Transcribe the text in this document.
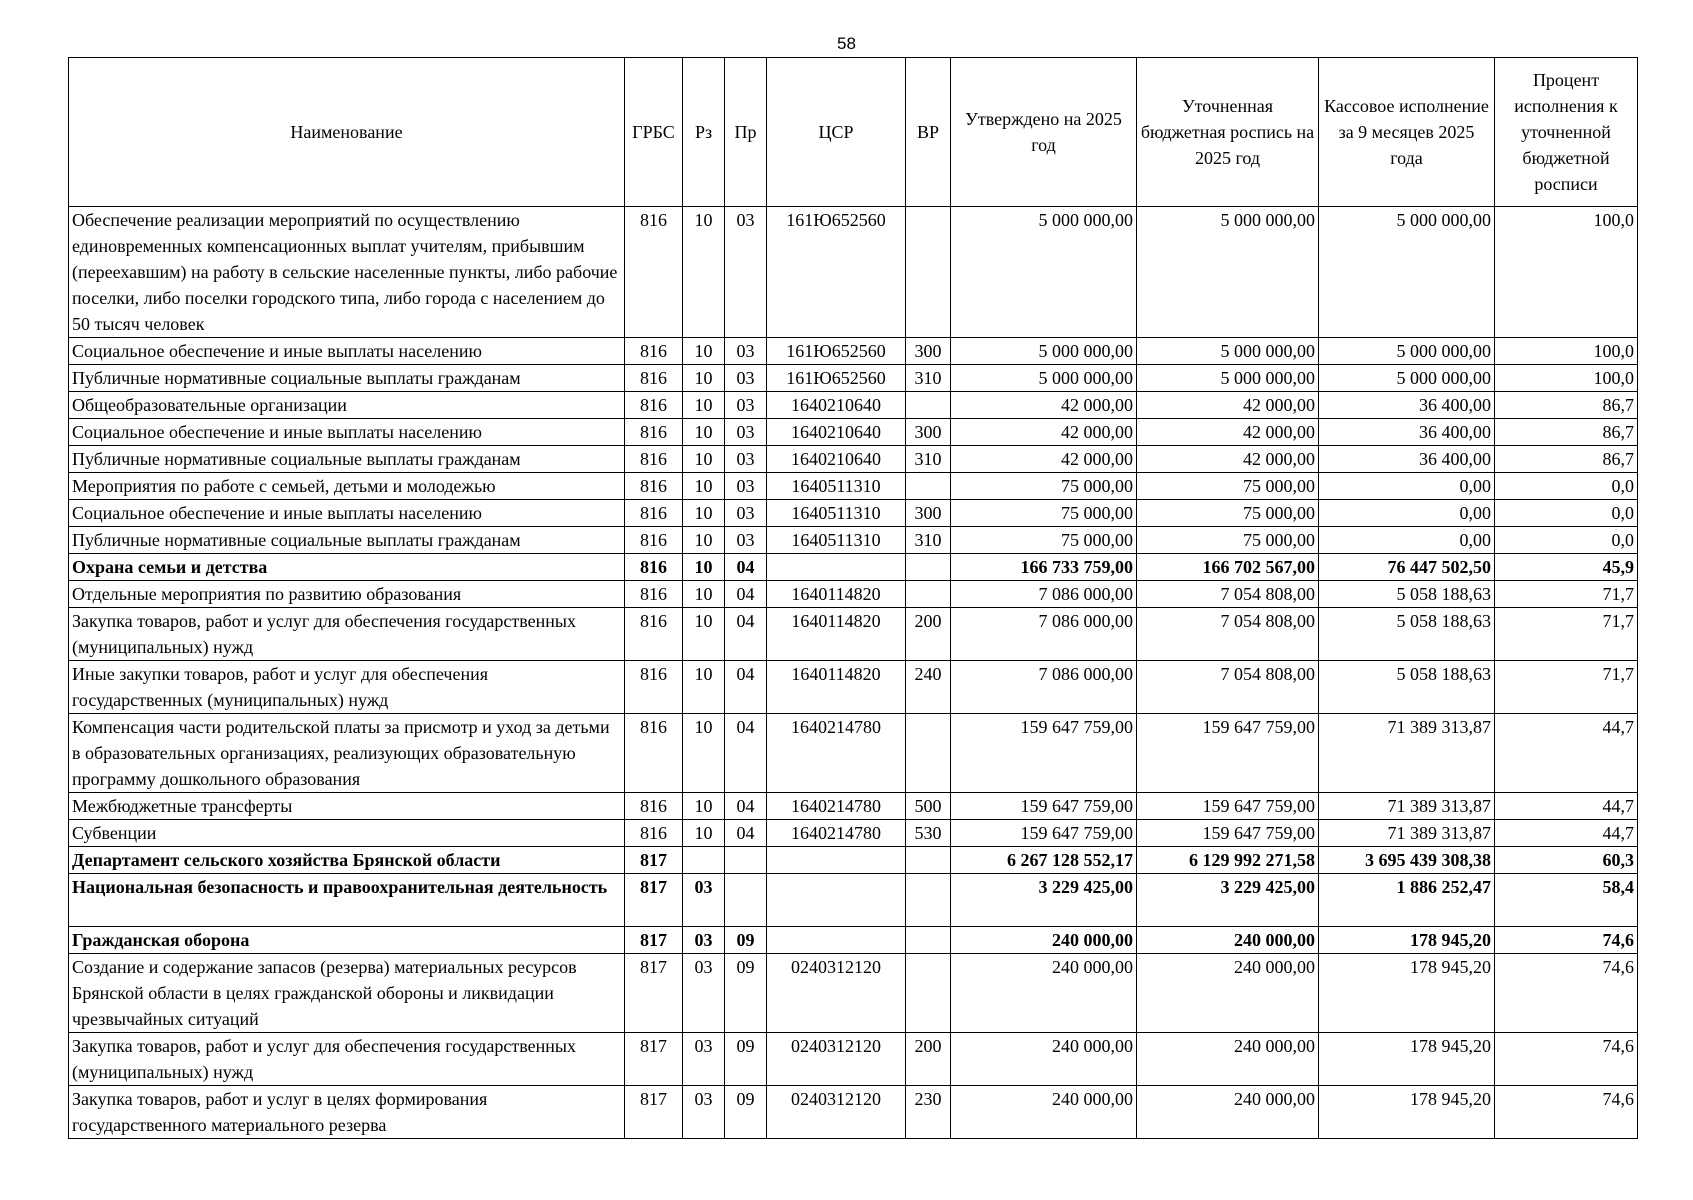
58
Наименование	ГРБС	Рз	Пр	ЦСР	ВР	Утверждено на 2025 год	Уточненная бюджетная роспись на 2025 год	Кассовое исполнение за 9 месяцев 2025 года	Процент исполнения к уточненной бюджетной росписи
Обеспечение реализации мероприятий по осуществлению единовременных компенсационных выплат учителям, прибывшим (переехавшим) на работу в сельские населенные пункты, либо рабочие поселки, либо поселки городского типа, либо города с населением до 50 тысяч человек	816	10	03	161Ю652560		5 000 000,00	5 000 000,00	5 000 000,00	100,0
Социальное обеспечение и иные выплаты населению	816	10	03	161Ю652560	300	5 000 000,00	5 000 000,00	5 000 000,00	100,0
Публичные нормативные социальные выплаты гражданам	816	10	03	161Ю652560	310	5 000 000,00	5 000 000,00	5 000 000,00	100,0
Общеобразовательные организации	816	10	03	1640210640		42 000,00	42 000,00	36 400,00	86,7
Социальное обеспечение и иные выплаты населению	816	10	03	1640210640	300	42 000,00	42 000,00	36 400,00	86,7
Публичные нормативные социальные выплаты гражданам	816	10	03	1640210640	310	42 000,00	42 000,00	36 400,00	86,7
Мероприятия по работе с семьей, детьми и молодежью	816	10	03	1640511310		75 000,00	75 000,00	0,00	0,0
Социальное обеспечение и иные выплаты населению	816	10	03	1640511310	300	75 000,00	75 000,00	0,00	0,0
Публичные нормативные социальные выплаты гражданам	816	10	03	1640511310	310	75 000,00	75 000,00	0,00	0,0
Охрана семьи и детства	816	10	04			166 733 759,00	166 702 567,00	76 447 502,50	45,9
Отдельные мероприятия по развитию образования	816	10	04	1640114820		7 086 000,00	7 054 808,00	5 058 188,63	71,7
Закупка товаров, работ и услуг для обеспечения государственных (муниципальных) нужд	816	10	04	1640114820	200	7 086 000,00	7 054 808,00	5 058 188,63	71,7
Иные закупки товаров, работ и услуг для обеспечения государственных (муниципальных) нужд	816	10	04	1640114820	240	7 086 000,00	7 054 808,00	5 058 188,63	71,7
Компенсация части родительской платы за присмотр и уход за детьми в образовательных организациях, реализующих образовательную программу дошкольного образования	816	10	04	1640214780		159 647 759,00	159 647 759,00	71 389 313,87	44,7
Межбюджетные трансферты	816	10	04	1640214780	500	159 647 759,00	159 647 759,00	71 389 313,87	44,7
Субвенции	816	10	04	1640214780	530	159 647 759,00	159 647 759,00	71 389 313,87	44,7
Департамент сельского хозяйства Брянской области	817					6 267 128 552,17	6 129 992 271,58	3 695 439 308,38	60,3
Национальная безопасность и правоохранительная деятельность	817	03				3 229 425,00	3 229 425,00	1 886 252,47	58,4
Гражданская оборона	817	03	09			240 000,00	240 000,00	178 945,20	74,6
Создание и содержание запасов (резерва) материальных ресурсов Брянской области в целях гражданской обороны и ликвидации чрезвычайных ситуаций	817	03	09	0240312120		240 000,00	240 000,00	178 945,20	74,6
Закупка товаров, работ и услуг для обеспечения государственных (муниципальных) нужд	817	03	09	0240312120	200	240 000,00	240 000,00	178 945,20	74,6
Закупка товаров, работ и услуг в целях формирования государственного материального резерва	817	03	09	0240312120	230	240 000,00	240 000,00	178 945,20	74,6
